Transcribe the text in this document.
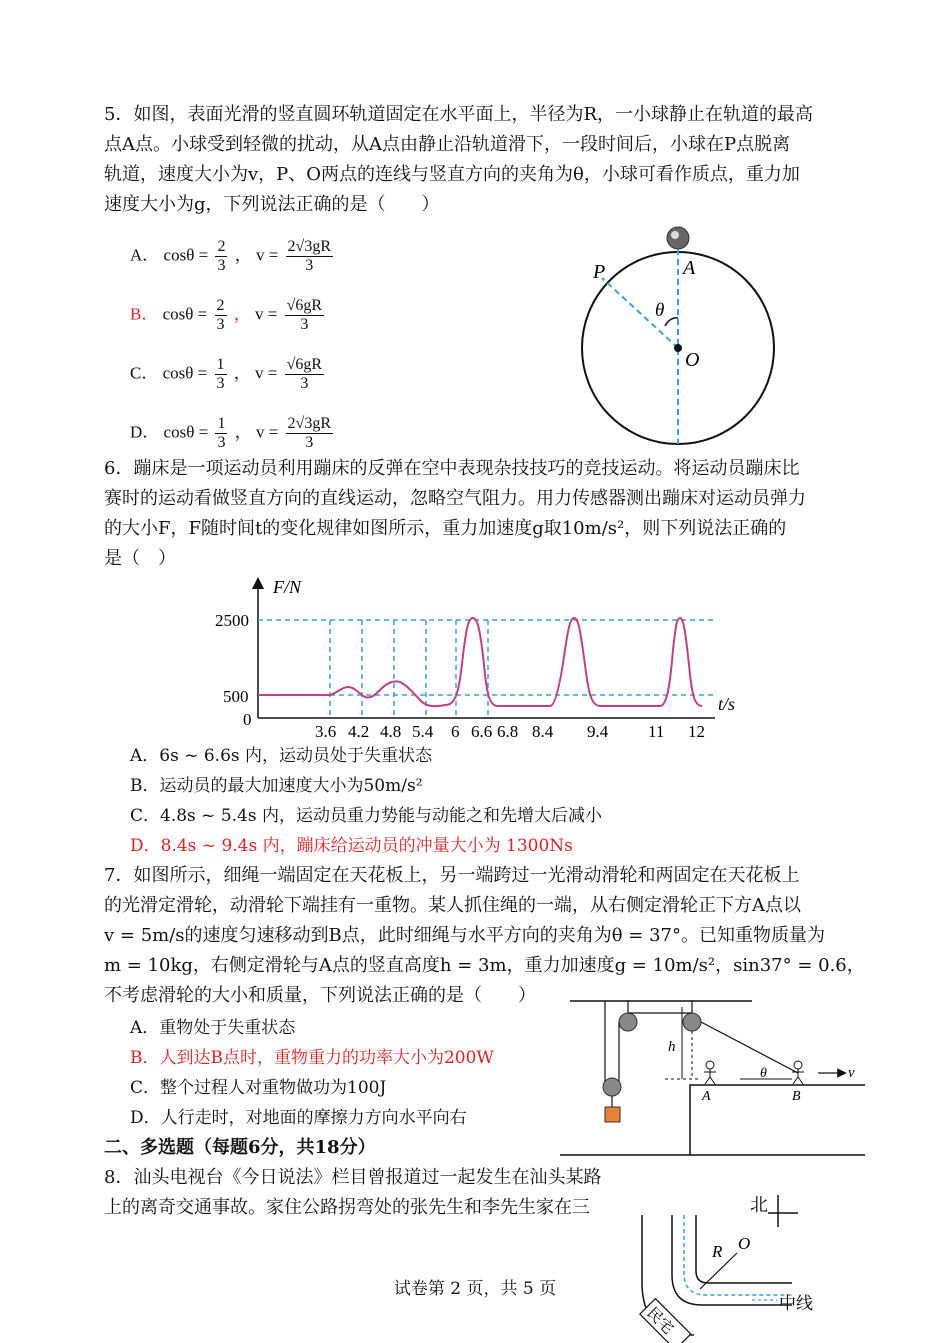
5．如图，表面光滑的竖直圆环轨道固定在水平面上，半径为R，一小球静止在轨道的最高
点A点。小球受到轻微的扰动，从A点由静止沿轨道滑下，一段时间后，小球在P点脱离
轨道，速度大小为v，P、O两点的连线与竖直方向的夹角为θ，小球可看作质点，重力加
速度大小为g，下列说法正确的是（　　）
A． $\cos\theta = \frac{2}{3}$ ， $v = \frac{2√3gR}{3}$
B． $\cos\theta = \frac{2}{3}$ ， $v = \frac{√6gR}{3}$
C． $\cos\theta = \frac{1}{3}$ ， $v = \frac{√6gR}{3}$
D． $\cos\theta = \frac{1}{3}$ ， $v = \frac{2√3gR}{3}$
P	A
O
θ
6．蹦床是一项运动员利用蹦床的反弹在空中表现杂技技巧的竞技运动。将运动员蹦床比
赛时的运动看做竖直方向的直线运动，忽略空气阻力。用力传感器测出蹦床对运动员弹力
的大小F，F随时间t的变化规律如图所示，重力加速度g取10m/s²，则下列说法正确的
是（　）
F/N
t/s
2500
500
0
3.6 4.2 4.8 5.4 6 6.6 6.8 8.4 9.4 11 12
A．6s ~ 6.6s 内，运动员处于失重状态
B．运动员的最大加速度大小为50m/s²
C．4.8s ~ 5.4s 内，运动员重力势能与动能之和先增大后减小
D．8.4s ~ 9.4s 内，蹦床给运动员的冲量大小为 1300Ns
7．如图所示，细绳一端固定在天花板上，另一端跨过一光滑动滑轮和两固定在天花板上
的光滑定滑轮，动滑轮下端挂有一重物。某人抓住绳的一端，从右侧定滑轮正下方A点以
v = 5m/s的速度匀速移动到B点，此时细绳与水平方向的夹角为θ = 37°。已知重物质量为
m = 10kg，右侧定滑轮与A点的竖直高度h = 3m，重力加速度g = 10m/s²，sin37° = 0.6，
不考虑滑轮的大小和质量，下列说法正确的是（　　）
A．重物处于失重状态
B．人到达B点时，重物重力的功率大小为200W
C．整个过程人对重物做功为100J
D．人行走时，对地面的摩擦力方向水平向右
h
θ	v
A	B
二、多选题（每题6分，共18分）
8．汕头电视台《今日说法》栏目曾报道过一起发生在汕头某路
上的离奇交通事故。家住公路拐弯处的张先生和李先生家在三	北
R O
中线
民宅
试卷第 2 页，共 5 页
